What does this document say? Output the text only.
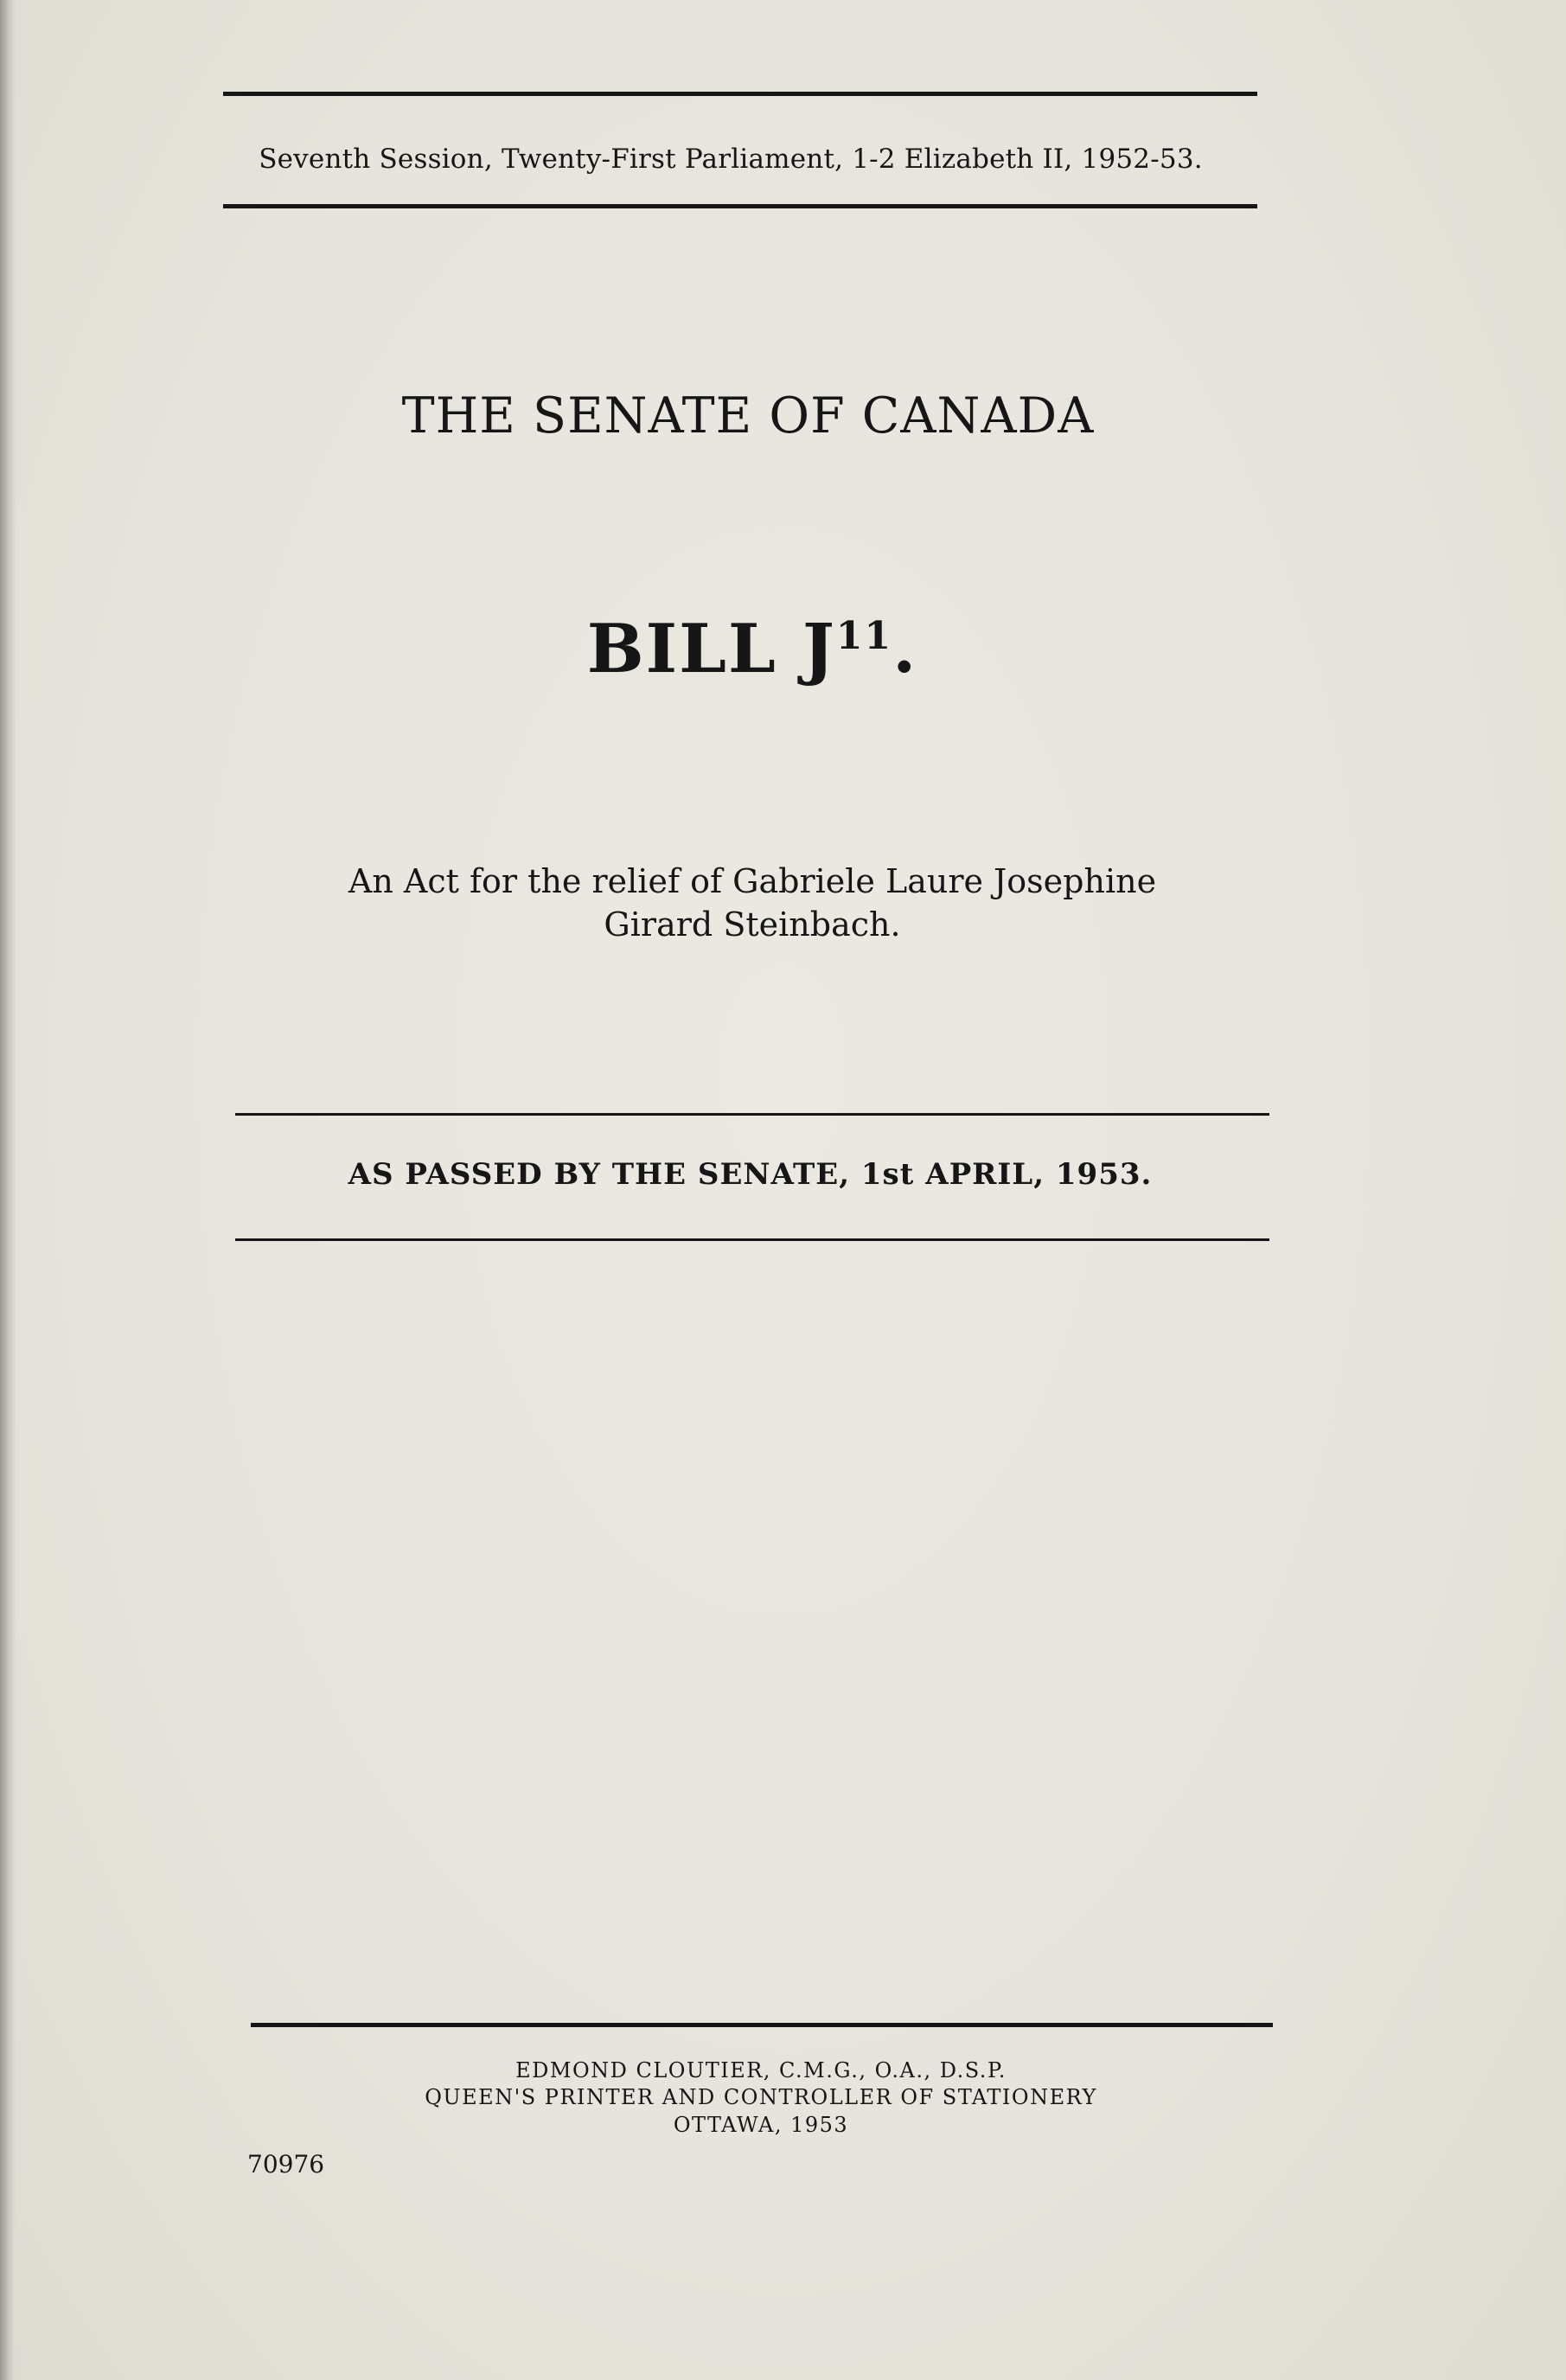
Seventh Session, Twenty-First Parliament, 1-2 Elizabeth II, 1952-53.
THE SENATE OF CANADA
BILL $J^{11}$.
An Act for the relief of Gabriele Laure Josephine
Girard Steinbach.
AS PASSED BY THE SENATE, 1st APRIL, 1953.
EDMOND CLOUTIER, C.M.G., O.A., D.S.P.
QUEEN'S PRINTER AND CONTROLLER OF STATIONERY
OTTAWA, 1953
70976
